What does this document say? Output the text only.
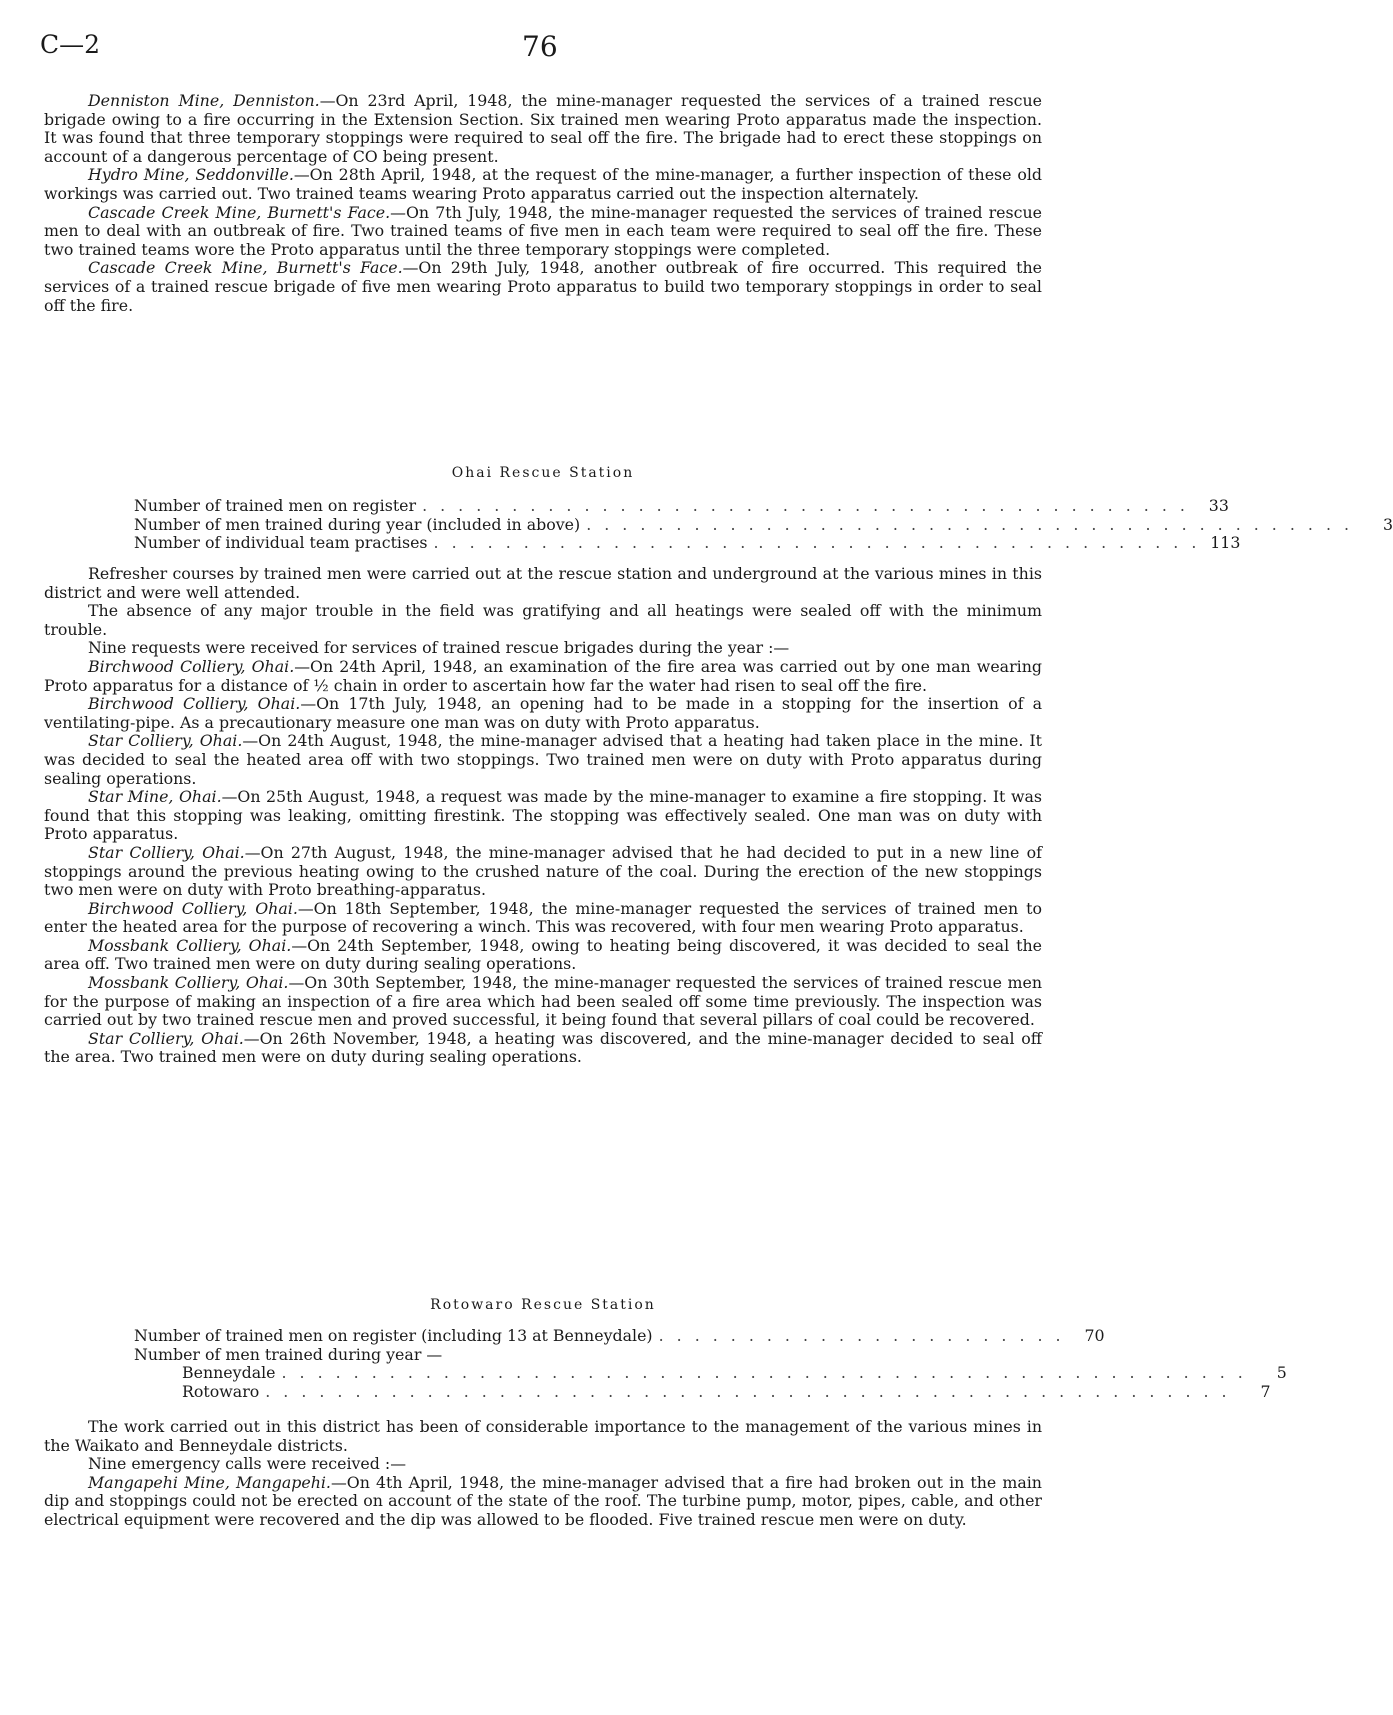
C—2	76

Denniston Mine, Denniston.—On 23rd April, 1948, the mine-manager requested the services of a trained rescue brigade owing to a fire occurring in the Extension Section. Six trained men wearing Proto apparatus made the inspection. It was found that three temporary stoppings were required to seal off the fire. The brigade had to erect these stoppings on account of a dangerous percentage of CO being present.

Hydro Mine, Seddonville.—On 28th April, 1948, at the request of the mine-manager, a further inspection of these old workings was carried out. Two trained teams wearing Proto apparatus carried out the inspection alternately.

Cascade Creek Mine, Burnett's Face.—On 7th July, 1948, the mine-manager requested the services of trained rescue men to deal with an outbreak of fire. Two trained teams of five men in each team were required to seal off the fire. These two trained teams wore the Proto apparatus until the three temporary stoppings were completed.

Cascade Creek Mine, Burnett's Face.—On 29th July, 1948, another outbreak of fire occurred. This required the services of a trained rescue brigade of five men wearing Proto apparatus to build two temporary stoppings in order to seal off the fire.

Ohai Rescue Station

Number of trained men on register . . . . . . . . . . . . . . . . . . . . . . . . . . . . . . . . . . . . . . . . . . .	33
Number of men trained during year (included in above) . . . . . . . . . . . . . . . . . . . . . . . . . . . . . . . . . . . . . . . . . . .	3
Number of individual team practises . . . . . . . . . . . . . . . . . . . . . . . . . . . . . . . . . . . . . . . . . . . 113

Refresher courses by trained men were carried out at the rescue station and underground at the various mines in this district and were well attended.

The absence of any major trouble in the field was gratifying and all heatings were sealed off with the minimum trouble.

Nine requests were received for services of trained rescue brigades during the year :—

Birchwood Colliery, Ohai.—On 24th April, 1948, an examination of the fire area was carried out by one man wearing Proto apparatus for a distance of ½ chain in order to ascertain how far the water had risen to seal off the fire.

Birchwood Colliery, Ohai.—On 17th July, 1948, an opening had to be made in a stopping for the insertion of a ventilating-pipe. As a precautionary measure one man was on duty with Proto apparatus.

Star Colliery, Ohai.—On 24th August, 1948, the mine-manager advised that a heating had taken place in the mine. It was decided to seal the heated area off with two stoppings. Two trained men were on duty with Proto apparatus during sealing operations.

Star Mine, Ohai.—On 25th August, 1948, a request was made by the mine-manager to examine a fire stopping. It was found that this stopping was leaking, omitting firestink. The stopping was effectively sealed. One man was on duty with Proto apparatus.

Star Colliery, Ohai.—On 27th August, 1948, the mine-manager advised that he had decided to put in a new line of stoppings around the previous heating owing to the crushed nature of the coal. During the erection of the new stoppings two men were on duty with Proto breathing-apparatus.

Birchwood Colliery, Ohai.—On 18th September, 1948, the mine-manager requested the services of trained men to enter the heated area for the purpose of recovering a winch. This was recovered, with four men wearing Proto apparatus.

Mossbank Colliery, Ohai.—On 24th September, 1948, owing to heating being discovered, it was decided to seal the area off. Two trained men were on duty during sealing operations.

Mossbank Colliery, Ohai.—On 30th September, 1948, the mine-manager requested the services of trained rescue men for the purpose of making an inspection of a fire area which had been sealed off some time previously. The inspection was carried out by two trained rescue men and proved successful, it being found that several pillars of coal could be recovered.

Star Colliery, Ohai.—On 26th November, 1948, a heating was discovered, and the mine-manager decided to seal off the area. Two trained men were on duty during sealing operations.

Rotowaro Rescue Station

Number of trained men on register (including 13 at Benneydale) . . . . . . . . . . . . . . . . . . . . . . .	70
Number of men trained during year —
Benneydale . . . . . . . . . . . . . . . . . . . . . . . . . . . . . . . . . . . . . . . . . . . . . . . . . . . . . .	5
Rotowaro . . . . . . . . . . . . . . . . . . . . . . . . . . . . . . . . . . . . . . . . . . . . . . . . . . . . . .	7

The work carried out in this district has been of considerable importance to the management of the various mines in the Waikato and Benneydale districts.

Nine emergency calls were received :—

Mangapehi Mine, Mangapehi.—On 4th April, 1948, the mine-manager advised that a fire had broken out in the main dip and stoppings could not be erected on account of the state of the roof. The turbine pump, motor, pipes, cable, and other electrical equipment were recovered and the dip was allowed to be flooded. Five trained rescue men were on duty.
